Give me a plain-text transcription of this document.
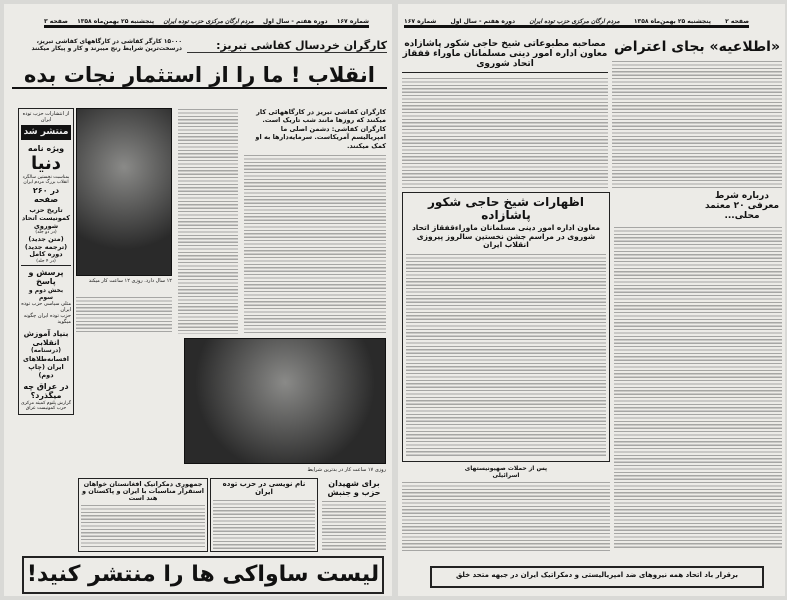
شماره ۱۶۷
دوره هفتم - سال اول
مردم ارگان مرکزی حزب توده ایران
پنجشنبه ۲۵ بهمن‌ماه ۱۳۵۸
صفحه ۳
کارگران خردسال کفاشی تبریز:
۱۵۰۰۰ کارگر کفاشی در کارگاههای کفاشی تبریز، درسخت‌ترین شرایط رنج میبرند و کار و پیکار میکنند
انقلاب ! ما را از استثمار نجات بده
از انتشارات حزب توده ایران
منتشر شد
ویژه نامه
دنیا
بمناسبت نخستین سالگرد انقلاب بزرگ مردم ایران
در ۲۶۰ صفحه
تاریخ حزب کمونیست اتحاد شوروی
(در دو جلد)
(متن جدید) (ترجمه جدید)
دوره کامل
(در ۴ جلد)
پرسش و پاسخ
بخش دوم و سوم
مثلی سیاسی حزب توده ایران
حزب توده ایران چگونه میگوید
بنیاد آموزش انقلابی
(درسنامه)
افسانه‌طلاهای ایران (چاپ دوم)
در عراق چه میگذرد؟
گزارش پلنوم کمیته مرکزی حزب کمونیست عراق
۱۲ سال دارد. روزی ۱۲ ساعت کار میکند
کارگران کفاشی تبریز در کارگاههائی کار میکنند که روزها مانند شب تاریک است.
کارگران کفاشی: دشمن اصلی ما امپریالیسم آمریکاست. سرمایه‌دارها به او کمک میکنند.
روزی ۱۷ ساعت کار در بدترین شرایط
جمهوری دمکراتیک افغانستان خواهان استقرار مناسبات با ایران و پاکستان و هند است
نام نویسی در حزب توده ایران
برای شهیدان حزب و جنبش
لیست ساواکی ها را منتشر کنید!
صفحه ۲
پنجشنبه ۲۵ بهمن‌ماه ۱۳۵۸
مردم ارگان مرکزی حزب توده ایران
دوره هفتم - سال اول
شماره ۱۶۷
مصاحبه مطبوعاتی شیخ حاجی شکور پاشازاده معاون اداره امور دینی مسلمانان ماوراء قفقاز اتحاد شوروی
«اطلاعیه» بجای اعتراض
اظهارات شیخ حاجی شکور پاشازاده
معاون اداره امور دینی مسلمانان ماوراءقفقاز اتحاد شوروی در مراسم جشن نخستین سالروز پیروزی انقلاب ایران
درباره شرط معرفی ۲۰ معتمد محلی...
پس از حملات صهیونیستهای اسرائیلی
برقرار باد اتحاد همه نیروهای ضد امپریالیستی و دمکراتیک ایران در جبهه متحد خلق
